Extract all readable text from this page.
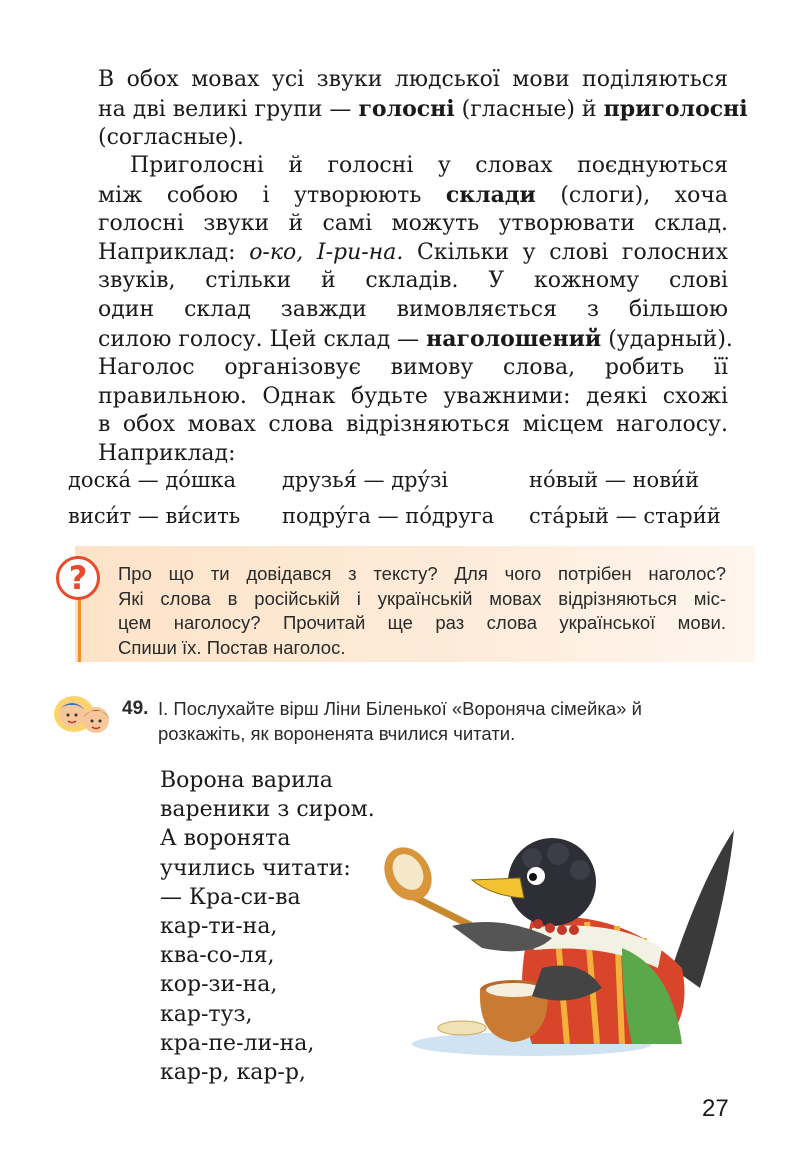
В обох мовах усі звуки людської мови поділяються
на дві великі групи — голосні (гласные) й приголосні
(согласные).
Приголосні й голосні у словах поєднуються
між собою і утворюють склади (слоги), хоча
голосні звуки й самі можуть утворювати склад.
Наприклад: о-ко, І-ри-на. Скільки у слові голосних
звуків, стільки й складів. У кожному слові
один склад завжди вимовляється з більшою
силою голосу. Цей склад — наголошений (ударный).
Наголос організовує вимову слова, робить її
правильною. Однак будьте уважними: деякі схожі
в обох мовах слова відрізняються місцем наголосу.
Наприклад:
доска́ — до́шка друзья́ — дру́зі	но́вый — нови́й
виси́т — ви́сить подру́га — по́друга ста́рый — стари́й
?	Про що ти довідався з тексту? Для чого потрібен наголос?
Які слова в російській і українській мовах відрізняються міс-
цем наголосу? Прочитай ще раз слова української мови.
Спиши їх. Постав наголос.
49. І. Послухайте вірш Ліни Біленької «Вороняча сімейка» й
розкажіть, як вороненята вчилися читати.
Ворона варила
вареники з сиром.
А воронята
учились читати:
— Кра-си-ва
кар-ти-на,
ква-со-ля,
кор-зи-на,
кар-туз,
кра-пе-ли-на,
кар-р, кар-р,
27
